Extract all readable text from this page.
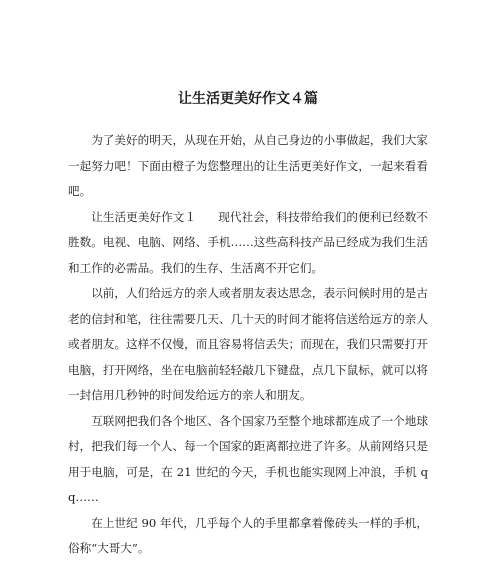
让生活更美好作文４篇

为了美好的明天，从现在开始，从自己身边的小事做起，我们大家一起努力吧！下面由橙子为您整理出的让生活更美好作文，一起来看看吧。

让生活更美好作文１ 现代社会，科技带给我们的便利已经数不胜数。电视、电脑、网络、手机……这些高科技产品已经成为我们生活和工作的必需品。我们的生存、生活离不开它们。

以前，人们给远方的亲人或者朋友表达思念，表示问候时用的是古老的信封和笔，往往需要几天、几十天的时间才能将信送给远方的亲人或者朋友。这样不仅慢，而且容易将信丢失；而现在，我们只需要打开电脑，打开网络，坐在电脑前轻轻敲几下键盘，点几下鼠标，就可以将一封信用几秒钟的时间发给远方的亲人和朋友。

互联网把我们各个地区、各个国家乃至整个地球都连成了一个地球村，把我们每一个人、每一个国家的距离都拉进了许多。从前网络只是用于电脑，可是，在 21 世纪的今天，手机也能实现网上冲浪，手机 qq……

在上世纪 90 年代，几乎每个人的手里都拿着像砖头一样的手机，俗称“大哥大”。
